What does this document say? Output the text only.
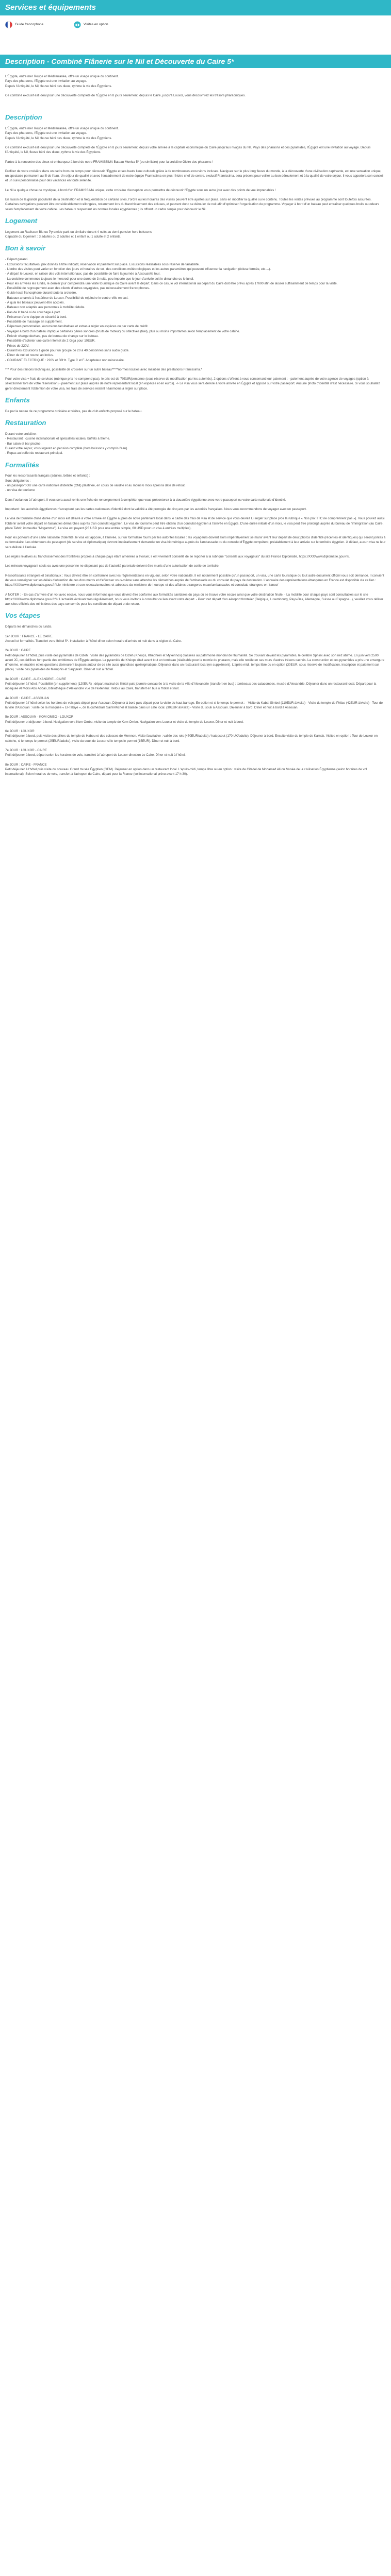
Services et équipements
Guide francophone	Visites en option
Description - Combiné Flânerie sur le Nil et Découverte du Caire 5*

L'Égypte, entre mer Rouge et Méditerranée, offre un visage unique du continent.
Pays des pharaons, l'Égypte est une invitation au voyage.
Depuis l'Antiquité, le Nil, fleuve béni des dieux, rythme la vie des Égyptiens.

Ce combiné exclusif est idéal pour une découverte complète de l'Égypte en 8 jours seulement, depuis le Caire, jusqu'à Louxor, vous découvrirez les trésors pharaoniques.

Description

L'Égypte, entre mer Rouge et Méditerranée, offre un visage unique du continent.
Pays des pharaons, l'Égypte est une invitation au voyage.
Depuis l'Antiquité, le Nil, fleuve béni des dieux, rythme la vie des Égyptiens.

Ce combiné exclusif est idéal pour une découverte complète de l'Égypte en 8 jours seulement, depuis votre arrivée à la capitale économique du Caire jusqu'aux rivages du Nil. Pays des pharaons et des pyramides, l'Égypte est une invitation au voyage. Depuis l'Antiquité, le Nil, fleuve béni des dieux, rythme la vie des Égyptiens.

Partez à la rencontre des dieux et embarquez à bord de notre FRAMISSIMA Bateau Monica 5* (ou similaire) pour la croisière Gloire des pharaons !

Profitez de votre croisière dans un cadre hors du temps pour découvrir l'Égypte et ses hauts lieux culturels grâce à de nombreuses excursions incluses. Naviguez sur le plus long fleuve du monde, à la découverte d'une civilisation captivante, est une sensation unique, un spectacle permanent au fil de l'eau. Un séjour de qualité et avec l'encadrement de notre équipe Framissima en plus ! Notre chef de centre, exclusif Framissima, sera présent pour veiller au bon déroulement et à la qualité de votre séjour. Il vous apportera son conseil et un suivi personnalisé pour des vacances en toute sérénité.

Le Nil a quelque chose de mystique, à bord d'un FRAMISSIMA unique, cette croisière d'exception vous permettra de découvrir l'Égypte sous un autre jour avec des points de vue imprenables !

En raison de la grande popularité de la destination et la fréquentation de certains sites, l'ordre ou les horaires des visites peuvent être ajustés sur place, sans en modifier la qualité ou le contenu. Toutes les visites prévues au programme sont toutefois assurées. Certaines navigations peuvent être considérablement rallongées, notamment lors du franchissement des écluses, et peuvent donc se dérouler de nuit afin d'optimiser l'organisation du programme. Voyager à bord d'un bateau peut entraîner quelques bruits ou odeurs selon l'emplacement de votre cabine. Les bateaux respectant les normes locales égyptiennes ; ils offrent un cadre simple pour découvrir le Nil.

Logement

Logement au Radisson Blu ou Pyramide park ou similaire durant 4 nuits au demi-pension hors boissons
Capacité du logement : 3 adultes ou 2 adultes et 1 enfant ou 1 adulte et 2 enfants.

Bon à savoir
- Départ garanti.
- Excursions facultatives, prix donnés à titre indicatif, réservation et paiement sur place. Excursions réalisables sous réserve de faisabilité.
- L'ordre des visites peut varier en fonction des jours et horaires de vol, des conditions météorologiques et les autres paramètres qui peuvent influencer la navigation (écluse fermée, etc....).
- À départ le Louxor, en raison des vols internationaux, pas de possibilité de faire la journée à Assouan/le tour.
- La croisière commence toujours le mercredi pour une durée de 3 nuits, peu importe que le jour d'arrivée soit le dimanche ou le lundi.
- Pour les arrivées les lundis, le dernier jour comprendra une visite touristique du Caire avant le départ. Dans ce cas, le vol international au départ du Caire doit être prévu après 17h00 afin de laisser suffisamment de temps pour la visite.
- Possibilité de regroupement avec des clients d'autres voyagistes, pas nécessairement francophones.
- Guide local francophone durant toute la croisière.
- Bateaux amarrés à l'extérieur de Louxor. Possibilité de rejoindre le centre-ville en taxi.
- À quai les bateaux peuvent être accolés.
- Bateaux non adaptés aux personnes à mobilité réduite.
- Pas de lit bébé ni de couchage à part.
- Présence d'une équipe de sécurité à bord.
- Possibilité de massage en supplément.
- Dépenses personnelles, excursions facultatives et extras à régler en espèces ou par carte de crédit.
- Voyager à bord d'un bateau implique certaines gênes sonores (bruits de moteur) ou olfactives (fuel), plus ou moins importantes selon l'emplacement de votre cabine.
- Prévoir change devises, pas de bureau de change sur le bateau.
- Possibilité d'acheter une carte Internet de 2 Giga pour 10EUR.
- Prises de 220V.
- Durant les excursions 1 guide pour un groupe de 20 à 40 personnes sans audio guide.
- Dîner de nuit et nouvel an inclus.
- COURANT ÉLECTRIQUE : 220V et 50Hz. Type C et F. Adaptateur non nécessaire.

*** Pour des raisons techniques, possibilité de croisière sur un autre bateau*****normes locales avec maintien des prestations Framissima.*

Pour votre visa + frais de services (rubrique prix ne comprend pas), le prix est de 70EUR/personne (sous réserve de modification par les autorités). 2 options s'offrent à vous concernant leur paiement : - paiement auprès de votre agence de voyages (option à sélectionner lors de votre réservation) - paiement sur place auprès de notre représentant local (en espèces et en euros). -> Le visa vous sera délivré à votre arrivée en Égypte et apposé sur votre passeport. Aucune photo d'identité n'est nécessaire. Si vous souhaitez gérer directement l'obtention de votre visa, les frais de services restent néanmoins à régler sur place.

Enfants

De par la nature de ce programme croisière et visites, pas de club enfants proposé sur le bateau.

Restauration
Durant votre croisière :
- Restaurant : cuisine internationale et spécialités locales, buffets à thème.
- Bar salon et bar piscine.
Durant votre séjour, vous logerez en pension complète (hors boissons y compris l'eau).
- Repas au buffet du restaurant principal.
Formalités
Pour les ressortissants français (adultes, bébés et enfants) :
Sont obligatoires :
- un passeport OU une carte nationale d'identité (CNI) plastifiée, en cours de validité et au moins 6 mois après la date de retour,
- un visa de tourisme

Dans l'océan ou à l'aéroport, il vous sera aussi remis une fiche de renseignement à compléter que vous présenterez à la douanière égyptienne avec votre passeport ou votre carte nationale d'identité.

Important : les autorités égyptiennes n'acceptent pas les cartes nationales d'identité dont la validité a été prorogée de cinq ans par les autorités françaises. Nous vous recommandons de voyager avec un passeport.

Le visa de tourisme d'une durée d'un mois est délivré à votre arrivée en Égypte auprès de notre partenaire local dans le cadre des frais de visa et de service que vous devrez lui régler sur place (voir la rubrique « Nos prix TTC ne comprennent pas »). Vous pouvez aussi l'obtenir avant votre départ en faisant les démarches auprès d'un consulat égyptien. Le visa de tourisme peut être obtenu d'un consulat égyptien à l'arrivée en Égypte. D'une durée initiale d'un mois, le visa peut être prolongé auprès du bureau de l'immigration (au Caire, place Tahrir, immeuble "Mogamma"). Le visa est payant (25 USD pour une entrée simple, 60 USD pour un visa à entrées multiples).

Pour les porteurs d'une carte nationale d'identité, le visa est apposé, à l'arrivée, sur un formulaire fourni par les autorités locales : les voyageurs doivent alors impérativement se munir avant leur départ de deux photos d'identité (récentes et identiques) qui seront jointes à ce formulaire. Les obtenteurs du passeport (de service et diplomatique) devront impérativement demander un visa biométrique auprès de l'ambassade ou du consulat d'Égypte compétent, préalablement à leur arrivée sur le territoire égyptien. À défaut, aucun visa ne leur sera délivré à l'arrivée.

Les règles relatives au franchissement des frontières propres à chaque pays étant amenées à évoluer, il est vivement conseillé de se reporter à la rubrique "conseils aux voyageurs" du site France Diplomatie, https://XXX/www.diplomatie.gouv.fr/.

Les mineurs voyageant seuls ou avec une personne ne disposant pas de l'autorité parentale doivent être munis d'une autorisation de sortie de territoire.

Ressortissants étrangers et binationaux : Vous devrez être en conformité avec les réglementations en vigueur, selon votre nationalité. Il est notamment possible qu'un passeport, un visa, une carte touristique ou tout autre document officiel vous soit demandé. Il convient de vous renseigner sur les délais d'obtention de ces documents et d'effectuer vous-même sans attendre les démarches auprès de l'ambassade ou du consulat du pays de destination. L'annuaire des représentations étrangères en France est disponible via ce lien : https://XXX/www.diplomatie.gouv.fr/fr/le-ministere-et-son-reseau/annuaires-et-adresses-du-ministere-de-l-europe-et-des-affaires-etrangeres-meae/ambassades-et-consulats-etrangers-en-france/

A NOTER : - En cas d'arrivée d'un vol avec escale, nous vous informons que vous devrez être conforme aux formalités sanitaires du pays où se trouve votre escale ainsi que votre destination finale. - La mobilité pour chaque pays sont consultables sur le site https://XXX/www.diplomatie.gouv.fr/fr/ L'actualité évoluant très régulièrement, nous vous invitons à consulter ce lien avant votre départ. - Pour tout départ d'un aéroport frontalier (Belgique, Luxembourg, Pays-Bas, Allemagne, Suisse ou Espagne...), veuillez vous référer aux sites officiels des ministères des pays concernés pour les conditions de départ et de retour.

Vos étapes

Départs les dimanches ou lundis.

1er JOUR : FRANCE - LE CAIRE
Accueil et formalités. Transfert vers l'hôtel 5*. Installation à l'hôtel dîner selon horaire d'arrivée et nuit dans la région du Caire.

2e JOUR : CAIRE
Petit déjeuner à l'hôtel, puis visite des pyramides de Gizeh : Visite des pyramides de Gizeh (Khéops, Khéphren et Mykérinos) classées au patrimoine mondial de l'humanité. Se trouvant devant les pyramides, le célèbre Sphinx avec son nez abîmé. En juin vers 2500 avant JC, ces édifices font partie des emblèmes de l'Égypte antique. La pyramide de Khéops était avant tout un tombeau (réalisable pour la momie du pharaon, mais elle recèle en ses murs d'autres trésors cachés. La construction et ces pyramides a pris une envergure d'homme, en matière et les questions demeurent toujours autour de ce site aussi grandiose qu'énigmatique. Déjeuner dans un restaurant local (en supplément). L'après-midi, temps libre ou en option (30EUR, sous réserve de modification, inscription et paiement sur place) : visite des pyramides de Memphis et Saqqarah. Dîner et nuit à l'hôtel.

3e JOUR : CAIRE - ALEXANDRIE - CAIRE
Petit déjeuner à l'hôtel. Possibilité (en supplément) (120EUR) : départ matinal de l'hôtel puis journée consacrée à la visite de la ville d'Alexandrie (transfert en bus) : tombeaux des catacombes, musée d'Alexandrie. Déjeuner dans un restaurant local. Départ pour la mosquée Al Morsi Abu Abbas, bibliothèque d'Alexandrie vue de l'extérieur. Retour au Caire, transfert en bus à l'hôtel et nuit.

4e JOUR : CAIRE - ASSOUAN
Petit déjeuner à l'hôtel selon les horaires de vols puis départ pour Assouan. Déjeuner à bord puis départ pour la visite du haut barrage. En option et si le temps le permet : - Visite du Kabal Simbel (110EUR à/visite) - Visite du temple de Philae (42EUR à/visite) - Tour de la ville d'Assouan : visite de la mosquée « El-Tabiye », de la cathédrale Saint-Michel et balade dans un café local. (30EUR à/visite) - Visite du souk à Assouan. Déjeuner à bord. Dîner et nuit à bord à Assouan.

5e JOUR : ASSOUAN - KOM OMBO - LOUXOR
Petit déjeuner et déjeuner à bord. Navigation vers Kom Ombo, visite du temple de Kom Ombo. Navigation vers Louxor et visite du temple de Louxor. Dîner et nuit à bord.

6e JOUR : LOUXOR
Petit déjeuner à bord, puis visite des piliers du temple de Habou et des colosses de Memnon. Visite facultative : vallée des rois (470EUR/adulte) / hatepsout (170 UK/adulte). Déjeuner à bord. Ensuite visite du temple de Karnak. Visites en option : Tour de Louxor en calèche, si le temps le permet (25EUR/adulte), visite du souk de Louxor si le temps le permet (15EUR). Dîner et nuit à bord.

7e JOUR : LOUXOR - CAIRE
Petit déjeuner à bord, départ selon les horaires de vols, transfert à l'aéroport de Louxor direction Le Caire. Dîner et nuit à l'hôtel.

8e JOUR : CAIRE - FRANCE
Petit déjeuner à l'hôtel puis visite du nouveau Grand musée Égyptien (GEM). Déjeuner en option dans un restaurant local. L'après-midi, temps libre ou en option : visite de Citadel de Mohamed Ali ou Musée de la civilisation Égyptienne (selon horaires de vol international). Selon horaires de vols, transfert à l'aéroport du Caire, départ pour la France (vol international prévu avant 17 h 30).
